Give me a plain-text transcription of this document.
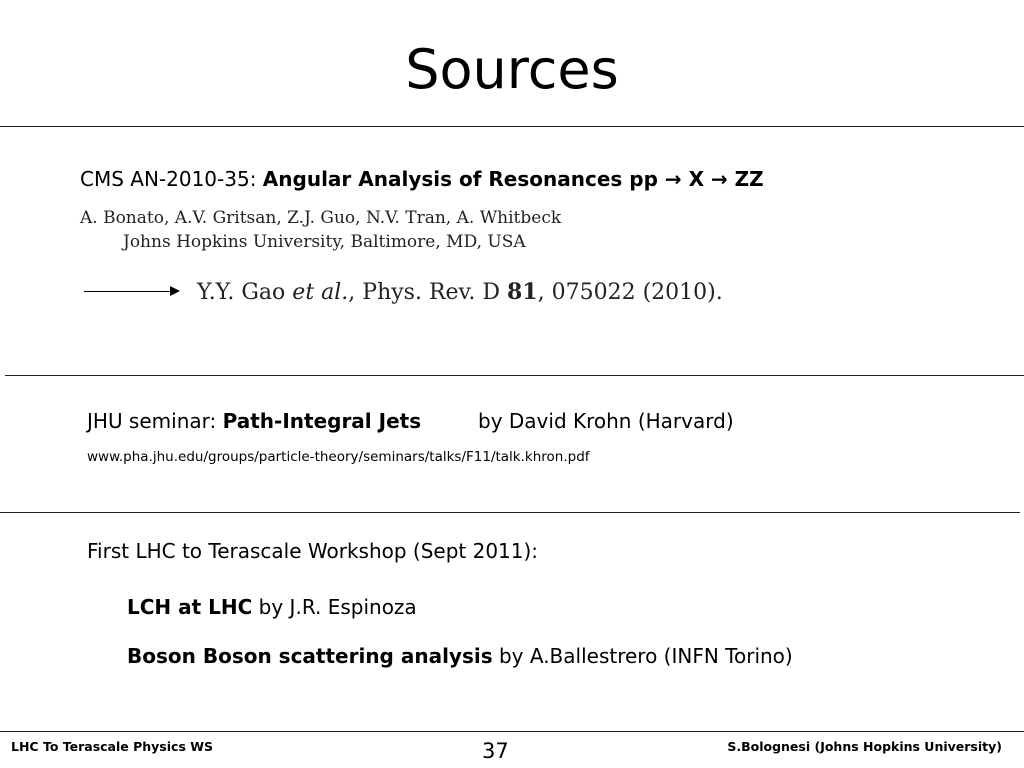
Sources
CMS AN-2010-35: Angular Analysis of Resonances pp → X → ZZ
A. Bonato, A.V. Gritsan, Z.J. Guo, N.V. Tran, A. Whitbeck
Johns Hopkins University, Baltimore, MD, USA
Y.Y. Gao et al., Phys. Rev. D 81, 075022 (2010).
JHU seminar: Path-Integral Jets	by David Krohn (Harvard)
www.pha.jhu.edu/groups/particle-theory/seminars/talks/F11/talk.khron.pdf
First LHC to Terascale Workshop (Sept 2011):
LCH at LHC by J.R. Espinoza
Boson Boson scattering analysis by A.Ballestrero (INFN Torino)
LHC To Terascale Physics WS	37	S.Bolognesi (Johns Hopkins University)
